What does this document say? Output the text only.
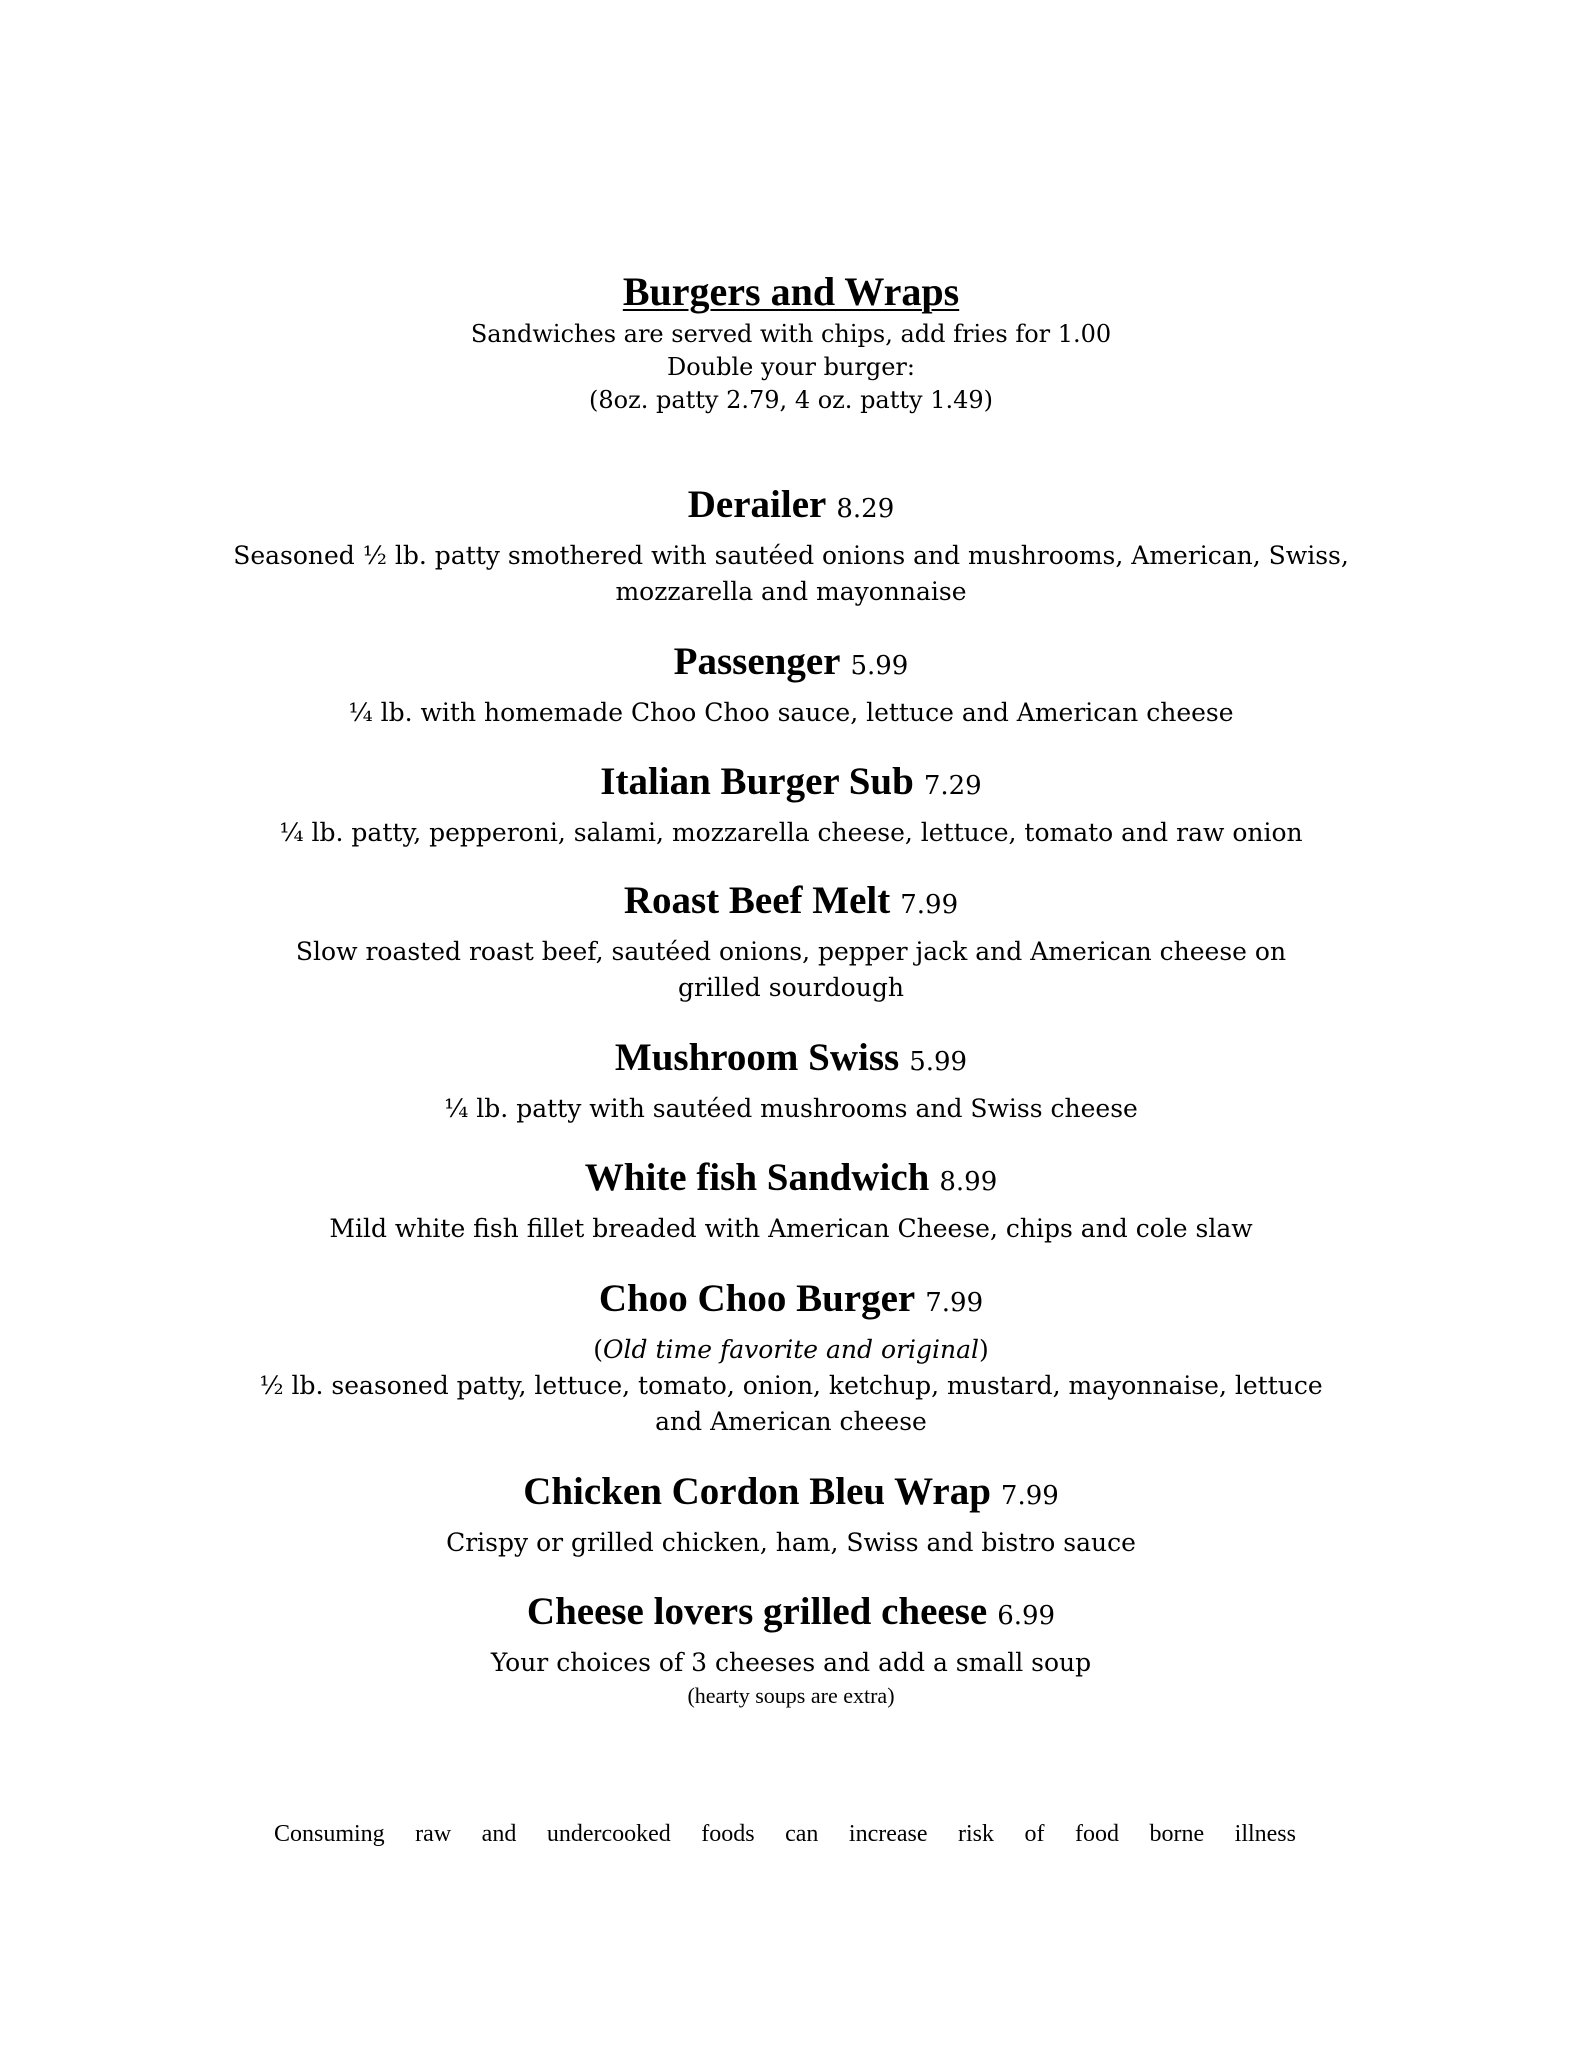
Burgers and Wraps
Sandwiches are served with chips, add fries for 1.00
Double your burger:
(8oz. patty 2.79, 4 oz. patty 1.49)
Derailer 8.29
Seasoned ½ lb. patty smothered with sautéed onions and mushrooms, American, Swiss,
mozzarella and mayonnaise
Passenger 5.99
¼ lb. with homemade Choo Choo sauce, lettuce and American cheese
Italian Burger Sub 7.29
¼ lb. patty, pepperoni, salami, mozzarella cheese, lettuce, tomato and raw onion
Roast Beef Melt 7.99
Slow roasted roast beef, sautéed onions, pepper jack and American cheese on
grilled sourdough
Mushroom Swiss 5.99
¼ lb. patty with sautéed mushrooms and Swiss cheese
White fish Sandwich 8.99
Mild white fish fillet breaded with American Cheese, chips and cole slaw
Choo Choo Burger 7.99
(Old time favorite and original)
½ lb. seasoned patty, lettuce, tomato, onion, ketchup, mustard, mayonnaise, lettuce
and American cheese
Chicken Cordon Bleu Wrap 7.99
Crispy or grilled chicken, ham, Swiss and bistro sauce
Cheese lovers grilled cheese 6.99
Your choices of 3 cheeses and add a small soup
(hearty soups are extra)
Consuming raw and undercooked foods can increase risk of food borne illness
